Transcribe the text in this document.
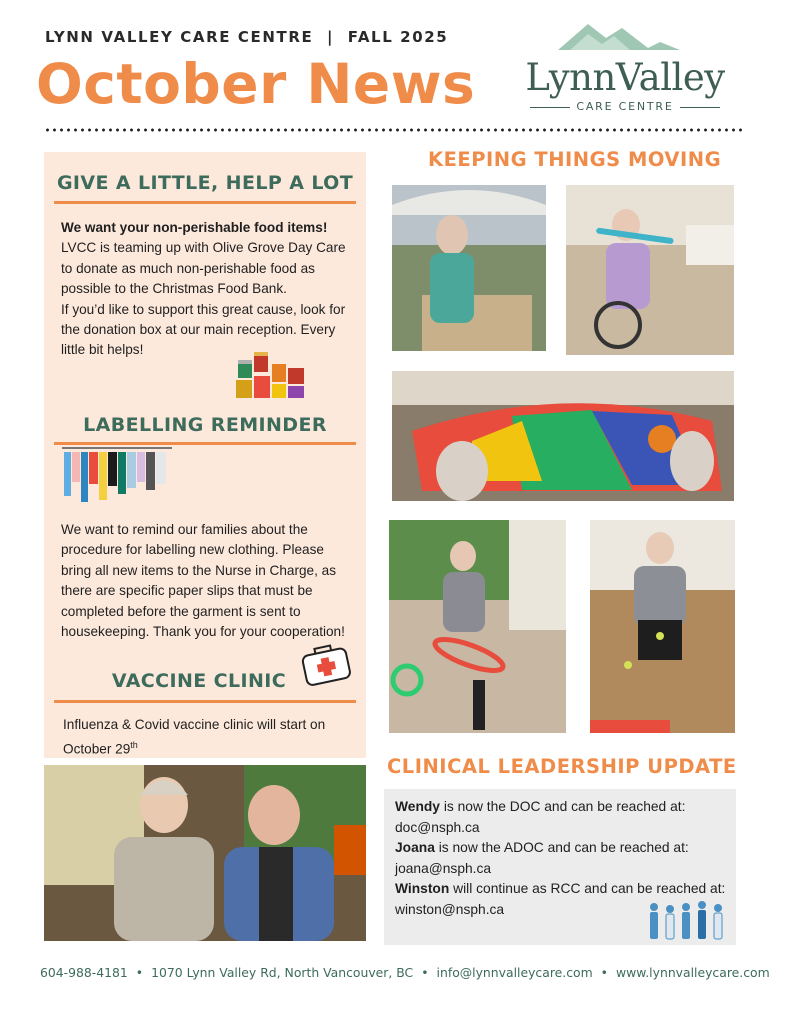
LYNN VALLEY CARE CENTRE  |  FALL 2025
October News	LynnValley
CARE CENTRE
GIVE A LITTLE, HELP A LOT
We want your non-perishable food items!
LVCC is teaming up with Olive Grove Day Care to donate as much non-perishable food as possible to the Christmas Food Bank.
If you’d like to support this great cause, look for the donation box at our main reception. Every little bit helps!
LABELLING REMINDER
We want to remind our families about the procedure for labelling new clothing. Please bring all new items to the Nurse in Charge, as there are specific paper slips that must be completed before the garment is sent to housekeeping. Thank you for your cooperation!
VACCINE CLINIC
Influenza & Covid vaccine clinic will start on October 29th
KEEPING THINGS MOVING
CLINICAL LEADERSHIP UPDATE
Wendy is now the DOC and can be reached at:
doc@nsph.ca
Joana is now the ADOC and can be reached at:
joana@nsph.ca
Winston will continue as RCC and can be reached at:
winston@nsph.ca
604-988-4181 • 1070 Lynn Valley Rd, North Vancouver, BC • info@lynnvalleycare.com • www.lynnvalleycare.com
